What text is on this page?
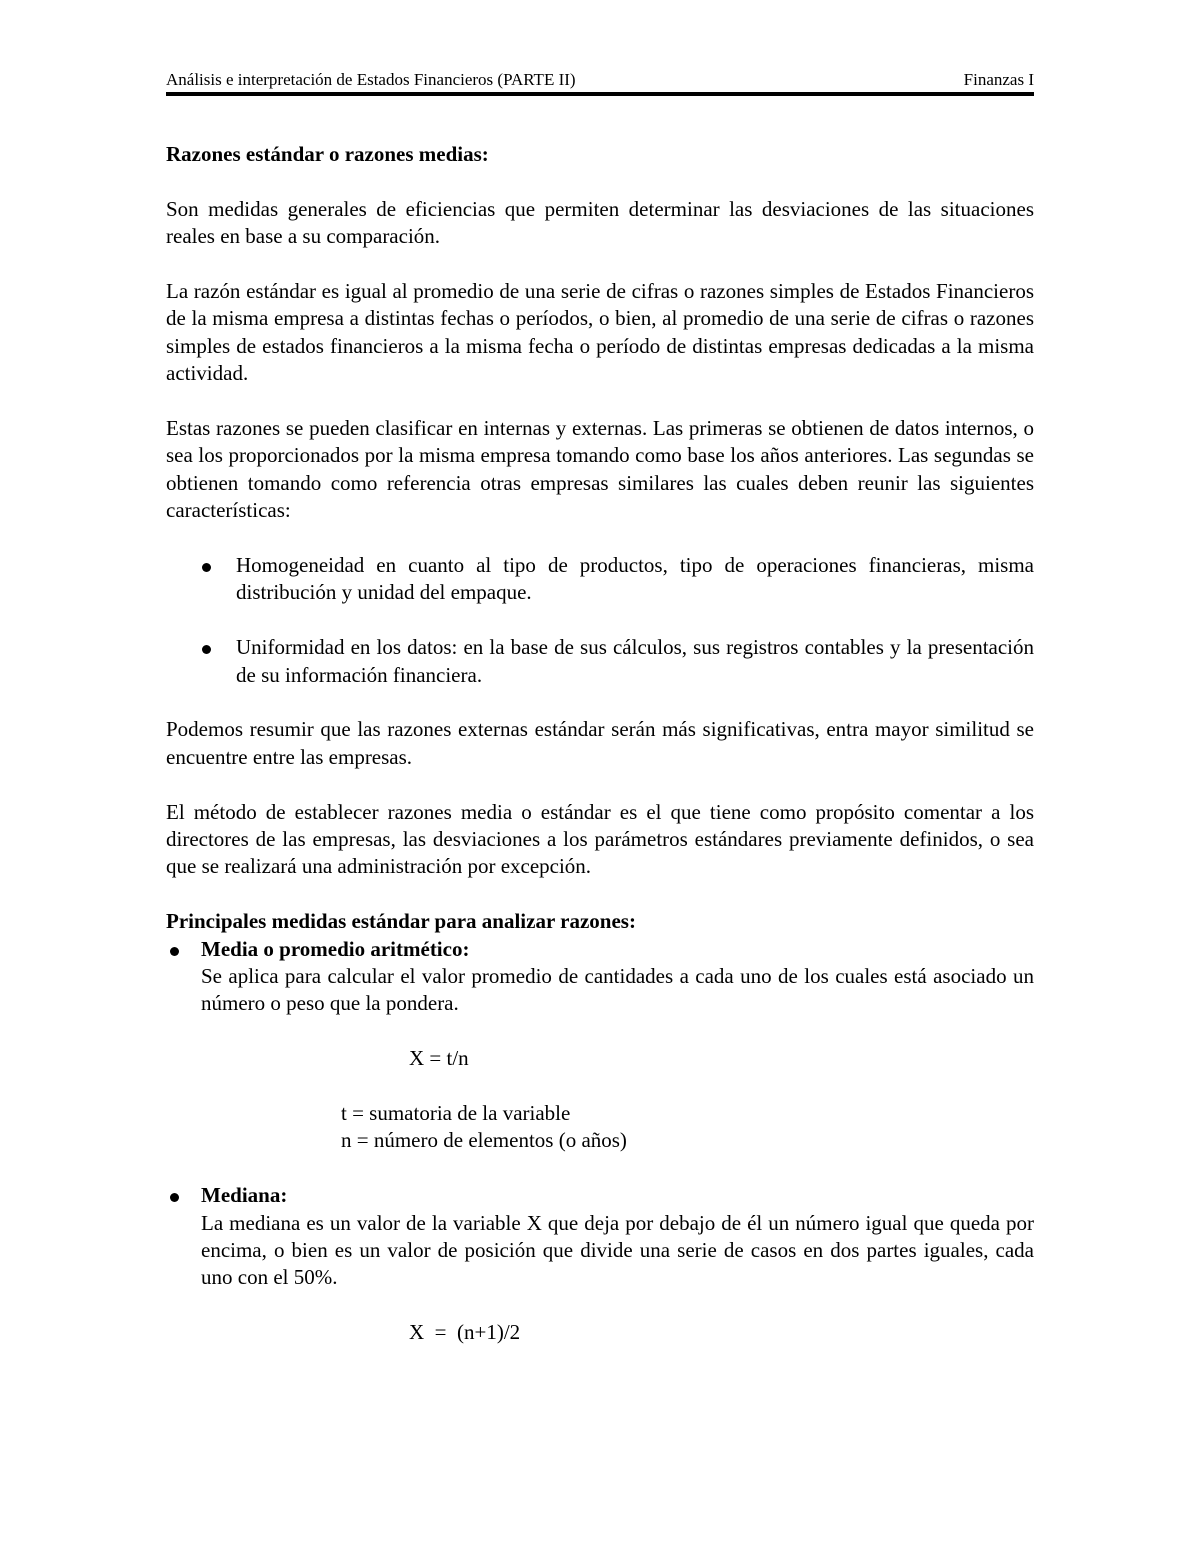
Análisis e interpretación de Estados Financieros (PARTE II)	Finanzas I

Razones estándar o razones medias:

Son medidas generales de eficiencias que permiten determinar las desviaciones de las situaciones reales en base a su comparación.

La razón estándar es igual al promedio de una serie de cifras o razones simples de Estados Financieros de la misma empresa a distintas fechas o períodos, o bien, al promedio de una serie de cifras o razones simples de estados financieros a la misma fecha o período de distintas empresas dedicadas a la misma actividad.

Estas razones se pueden clasificar en internas y externas. Las primeras se obtienen de datos internos, o sea los proporcionados por la misma empresa tomando como base los años anteriores. Las segundas se obtienen tomando como referencia otras empresas similares las cuales deben reunir las siguientes características:

Homogeneidad en cuanto al tipo de productos, tipo de operaciones financieras, misma distribución y unidad del empaque.
Uniformidad en los datos: en la base de sus cálculos, sus registros contables y la presentación de su información financiera.

Podemos resumir que las razones externas estándar serán más significativas, entra mayor similitud se encuentre entre las empresas.

El método de establecer razones media o estándar es el que tiene como propósito comentar a los directores de las empresas, las desviaciones a los parámetros estándares previamente definidos, o sea que se realizará una administración por excepción.

Principales medidas estándar para analizar razones:

Media o promedio aritmético:

Se aplica para calcular el valor promedio de cantidades a cada uno de los cuales está asociado un número o peso que la pondera.

X = t/n
t = sumatoria de la variable
n = número de elementos (o años)

Mediana:

La mediana es un valor de la variable X que deja por debajo de él un número igual que queda por encima, o bien es un valor de posición que divide una serie de casos en dos partes iguales, cada uno con el 50%.

X  =  (n+1)/2
